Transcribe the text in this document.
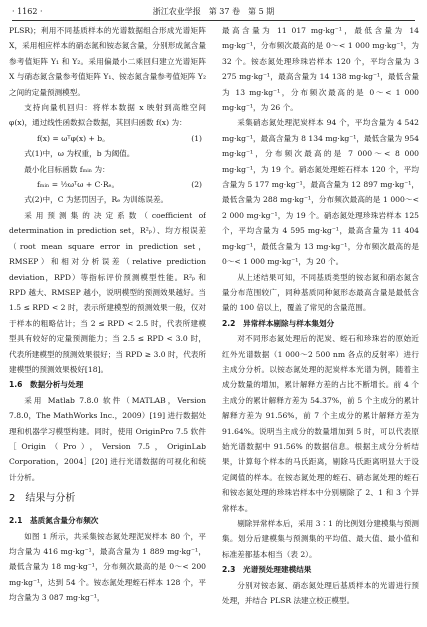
· 1162 ·	浙江农业学报　第 37 卷　第 5 期

PLSR)；利用不同基质样本的光谱数据组合形成光谱矩阵 X，采用相应样本的硝态氮和铵态氮含量，分别形成氮含量参考值矩阵 Y₁ 和 Y₂。采用偏最小二乘回归建立光谱矩阵 X 与硝态氮含量参考值矩阵 Y₁、铵态氮含量参考值矩阵 Y₂ 之间的定量预测模型。

支持向量机回归：将样本数据 x 映射到高维空间 φ(x)，通过线性函数拟合数据，其回归函数 f(x) 为：

f(x) = ωᵀφ(x) + b。	(1)

式(1)中，ω 为权重，b 为阈值。

最小化目标函数 fₘᵢₙ 为：

fₘᵢₙ = ½ωᵀω + C·Rₑ。	(2)

式(2)中，C 为惩罚因子，Rₑ 为训练误差。

采用预测集的决定系数（coefficient of determination in prediction set，R²ₚ）、均方根误差（root mean square error in prediction set，RMSEP）和相对分析误差（relative prediction deviation，RPD）等指标评价预测模型性能。R²ₚ 和 RPD 越大、RMSEP 越小，说明模型的预测效果越好。当 1.5 ≤ RPD < 2 时，表示所建模型的预测效果一般，仅对于样本的粗略估计；当 2 ≤ RPD < 2.5 时，代表所建模型具有较好的定量预测能力；当 2.5 ≤ RPD < 3.0 时，代表所建模型的预测效果很好；当 RPD ≥ 3.0 时，代表所建模型的预测效果极好[18]。

1.6　数据分析与处理

采用 Matlab 7.8.0 软件（MATLAB，Version 7.8.0，The MathWorks Inc.，2009）[19] 进行数据处理和机器学习模型构建。同时，使用 OriginPro 7.5 软件［Origin（Pro），Version 7.5，OriginLab Corporation，2004］[20] 进行光谱数据的可视化和统计分析。

2　结果与分析

2.1　基质氮含量分布频次

如图 1 所示，共采集铵态氮处理泥炭样本 80 个，平均含量为 416 mg·kg⁻¹，最高含量为 1 889 mg·kg⁻¹，最低含量为 18 mg·kg⁻¹，分布频次最高的是 0～< 200 mg·kg⁻¹，达到 54 个。铵态氮处理蛭石样本 128 个，平均含量为 3 087 mg·kg⁻¹，

最高含量为 11 017 mg·kg⁻¹，最低含量为 14 mg·kg⁻¹，分布频次最高的是 0～< 1 000 mg·kg⁻¹，为 32 个。铵态氮处理珍珠岩样本 120 个，平均含量为 3 275 mg·kg⁻¹，最高含量为 14 138 mg·kg⁻¹，最低含量为 13 mg·kg⁻¹，分布频次最高的是 0～< 1 000 mg·kg⁻¹，为 26 个。

采集硝态氮处理泥炭样本 94 个，平均含量为 4 542 mg·kg⁻¹，最高含量为 8 134 mg·kg⁻¹，最低含量为 954 mg·kg⁻¹，分布频次最高的是 7 000～< 8 000 mg·kg⁻¹，为 19 个。硝态氮处理蛭石样本 120 个，平均含量为 5 177 mg·kg⁻¹，最高含量为 12 897 mg·kg⁻¹，最低含量为 288 mg·kg⁻¹，分布频次最高的是 1 000～< 2 000 mg·kg⁻¹，为 19 个。硝态氮处理珍珠岩样本 125 个，平均含量为 4 595 mg·kg⁻¹，最高含量为 11 404 mg·kg⁻¹，最低含量为 13 mg·kg⁻¹，分布频次最高的是 0～< 1 000 mg·kg⁻¹，为 20 个。

从上述结果可知，不同基质类型的铵态氮和硝态氮含量分布范围较广，同种基质同种氮形态最高含量是最低含量的 100 倍以上，覆盖了常见的含量范围。

2.2　异常样本剔除与样本集划分

对不同形态氮处理后的泥炭、蛭石和珍珠岩的原始近红外光谱数据（1 000～2 500 nm 各点的反射率）进行主成分分析。以铵态氮处理的泥炭样本光谱为例，随着主成分数量的增加，累计解释方差的占比不断增长。前 4 个主成分的累计解释方差为 54.37%，前 5 个主成分的累计解释方差为 91.56%，前 7 个主成分的累计解释方差为 91.64%。说明当主成分的数量增加到 5 时，可以代表原始光谱数据中 91.56% 的数据信息。根据主成分分析结果，计算每个样本的马氏距离，剔除马氏距离明显大于设定阈值的样本。在铵态氮处理的蛭石、硝态氮处理的蛭石和铵态氮处理的珍珠岩样本中分别剔除了 2、1 和 3 个异常样本。

剔除异常样本后，采用 3∶1 的比例划分建模集与预测集。划分后建模集与预测集的平均值、最大值、最小值和标准差都基本相当（表 2）。

2.3　光谱预处理建模结果

分别对铵态氮、硝态氮处理后基质样本的光谱进行预处理，并结合 PLSR 法建立校正模型。
